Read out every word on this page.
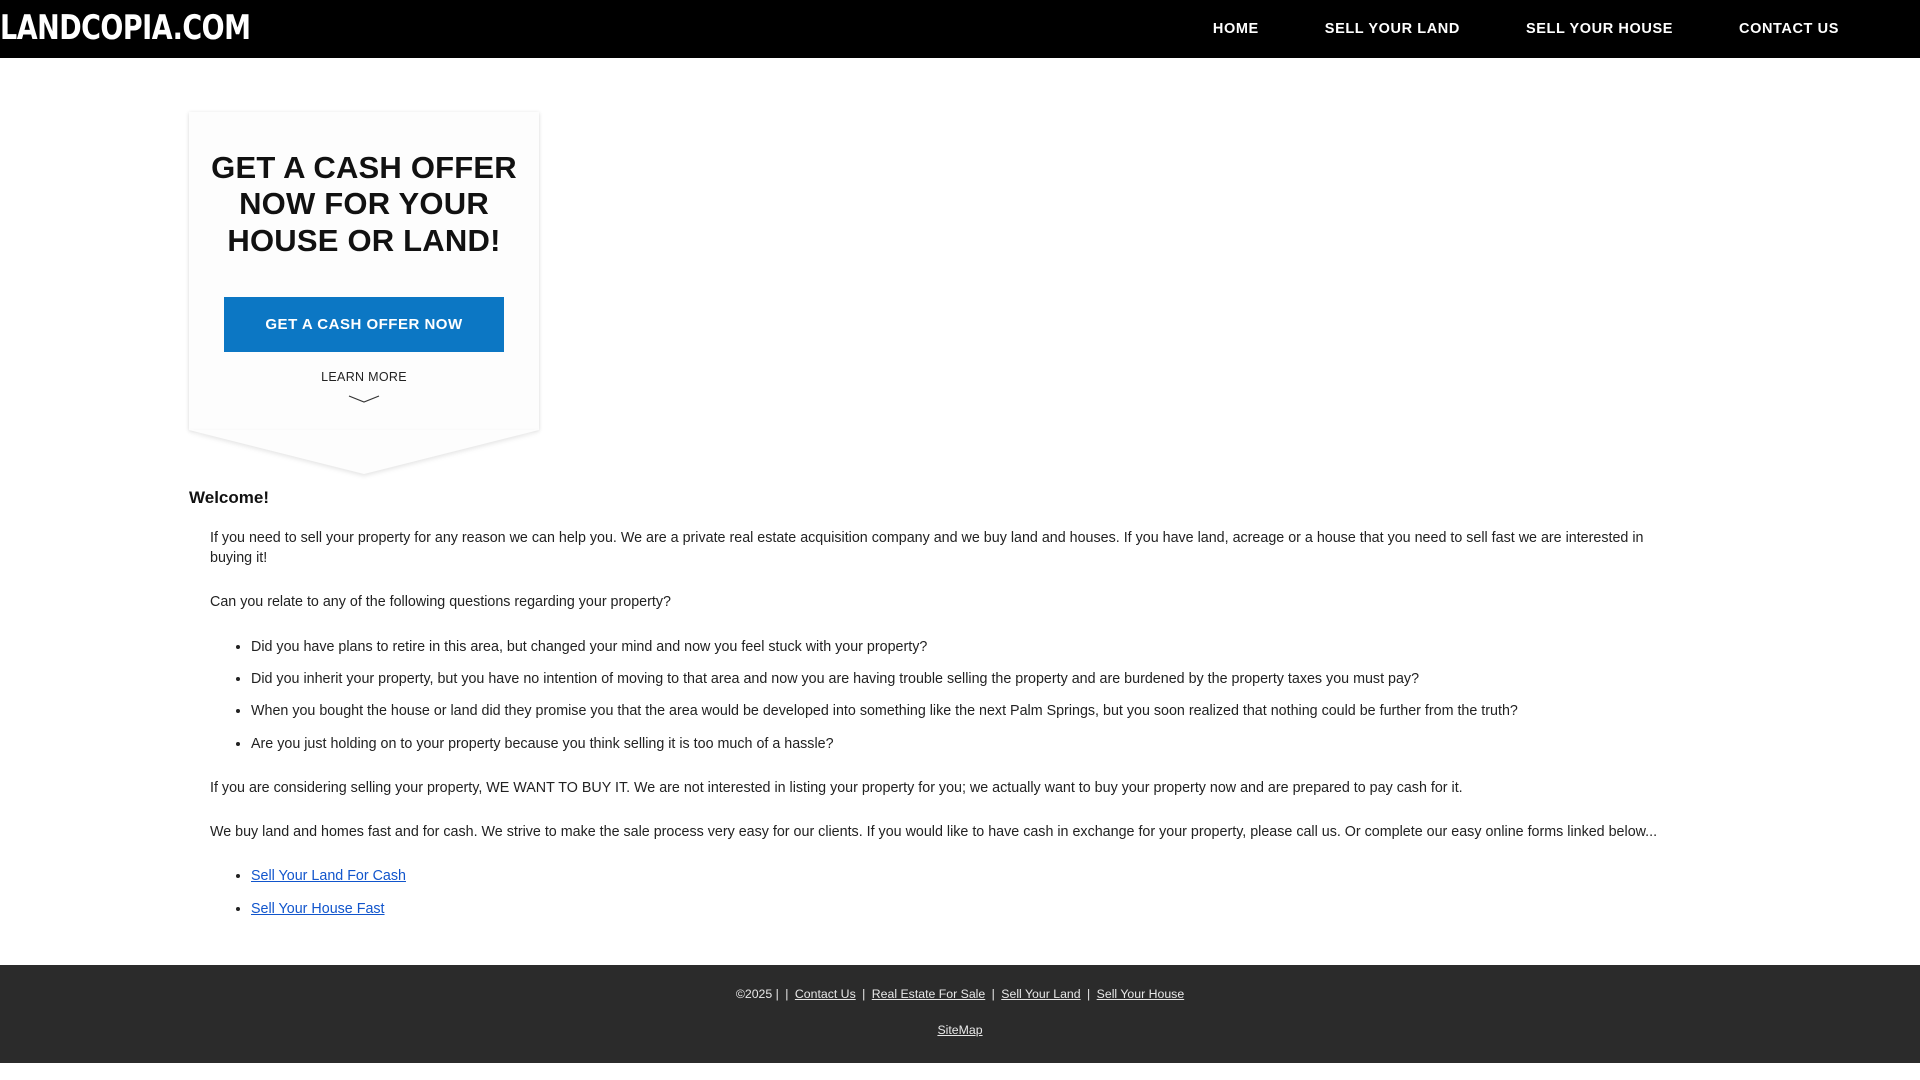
LANDCOPIA.COM	HOME	SELL YOUR LAND	SELL YOUR HOUSE	CONTACT US
GET A CASH OFFER NOW FOR YOUR HOUSE OR LAND!
GET A CASH OFFER NOW
LEARN MORE
Welcome!

If you need to sell your property for any reason we can help you. We are a private real estate acquisition company and we buy land and houses. If you have land, acreage or a house that you need to sell fast we are interested in buying it!

Can you relate to any of the following questions regarding your property?

• Did you have plans to retire in this area, but changed your mind and now you feel stuck with your property?
• Did you inherit your property, but you have no intention of moving to that area and now you are having trouble selling the property and are burdened by the property taxes you must pay?
• When you bought the house or land did they promise you that the area would be developed into something like the next Palm Springs, but you soon realized that nothing could be further from the truth?
• Are you just holding on to your property because you think selling it is too much of a hassle?

If you are considering selling your property, WE WANT TO BUY IT. We are not interested in listing your property for you; we actually want to buy your property now and are prepared to pay cash for it.

We buy land and homes fast and for cash. We strive to make the sale process very easy for our clients. If you would like to have cash in exchange for your property, please call us. Or complete our easy online forms linked below...

• Sell Your Land For Cash
• Sell Your House Fast
©2025 | | Contact Us | Real Estate For Sale | Sell Your Land | Sell Your House
SiteMap
